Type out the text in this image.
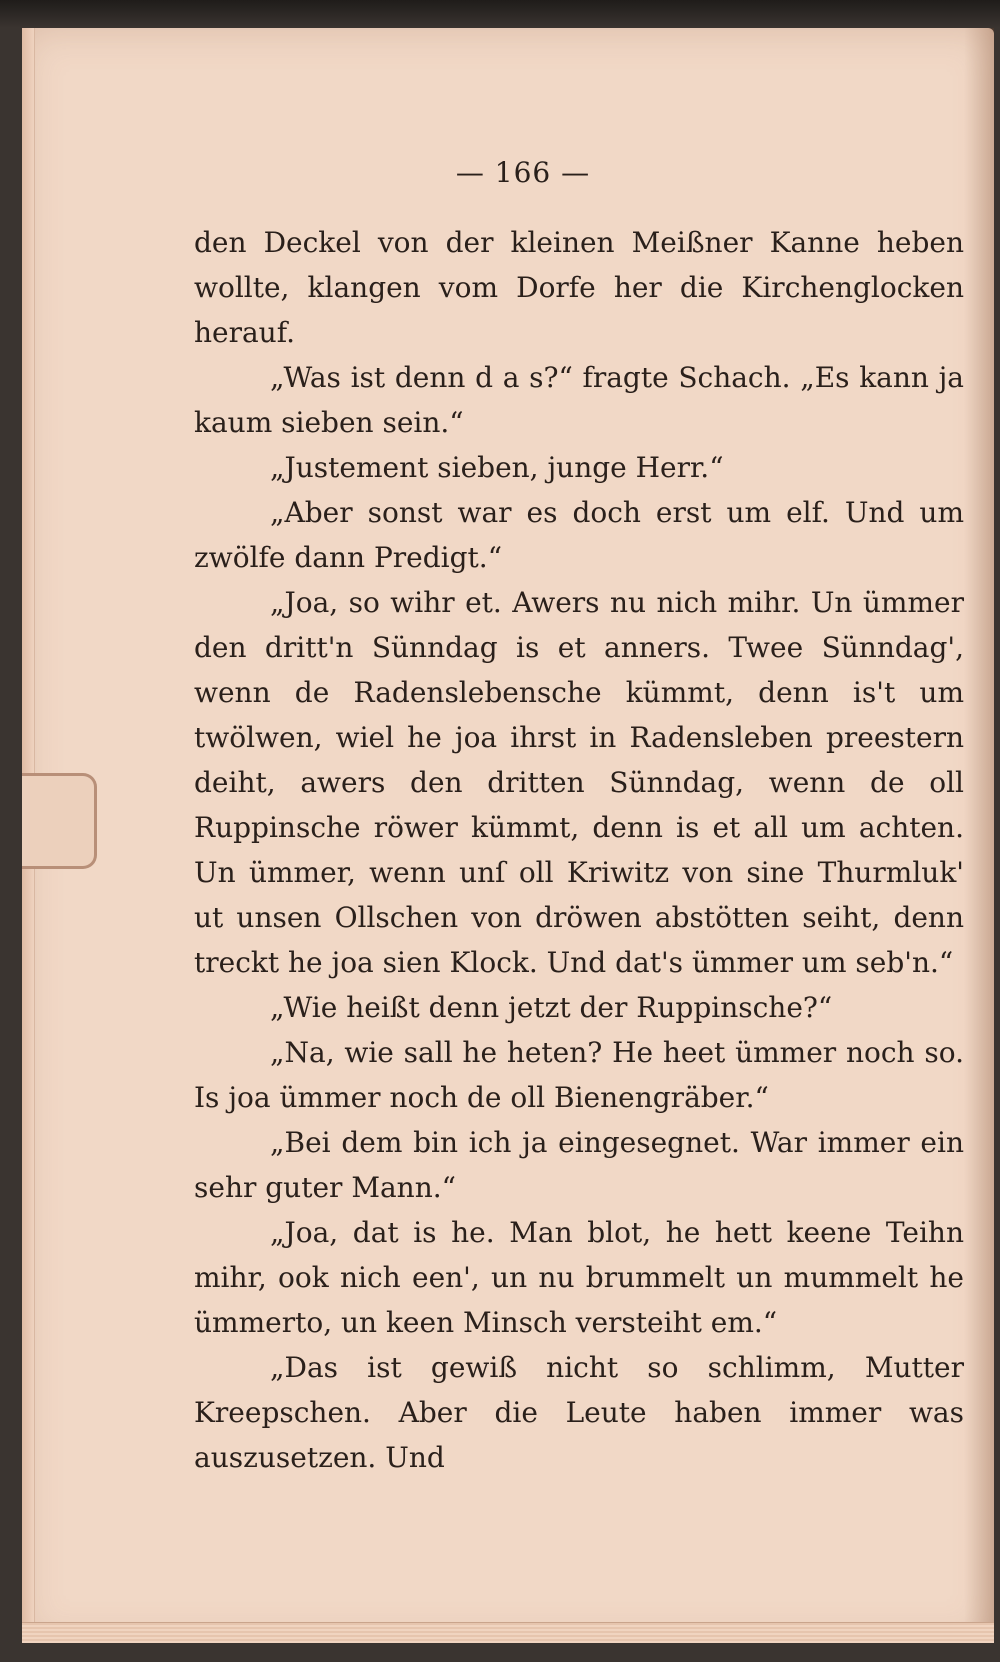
— 166 —

den Deckel von der kleinen Meißner Kanne heben wollte, klangen vom Dorfe her die Kirchenglocken herauf.

„Was ist denn d a s?“ fragte Schach. „Es kann ja kaum sieben sein.“

„Justement sieben, junge Herr.“

„Aber sonst war es doch erst um elf. Und um zwölfe dann Predigt.“

„Joa, so wihr et. Awers nu nich mihr. Un ümmer den dritt'n Sünndag is et anners. Twee Sünndag', wenn de Radenslebensche kümmt, denn is't um twölwen, wiel he joa ihrst in Radensleben preestern deiht, awers den dritten Sünndag, wenn de oll Ruppinsche röwer kümmt, denn is et all um achten. Un ümmer, wenn unſ oll Kriwitz von sine Thurmluk' ut unsen Ollschen von dröwen abstötten seiht, denn treckt he joa sien Klock. Und dat's ümmer um seb'n.“

„Wie heißt denn jetzt der Ruppinsche?“

„Na, wie sall he heten? He heet ümmer noch so. Is joa ümmer noch de oll Bienengräber.“

„Bei dem bin ich ja eingesegnet. War immer ein sehr guter Mann.“

„Joa, dat is he. Man blot, he hett keene Teihn mihr, ook nich een', un nu brummelt un mummelt he ümmerto, un keen Minsch versteiht em.“

„Das ist gewiß nicht so schlimm, Mutter Kreepschen. Aber die Leute haben immer was auszusetzen. Und
